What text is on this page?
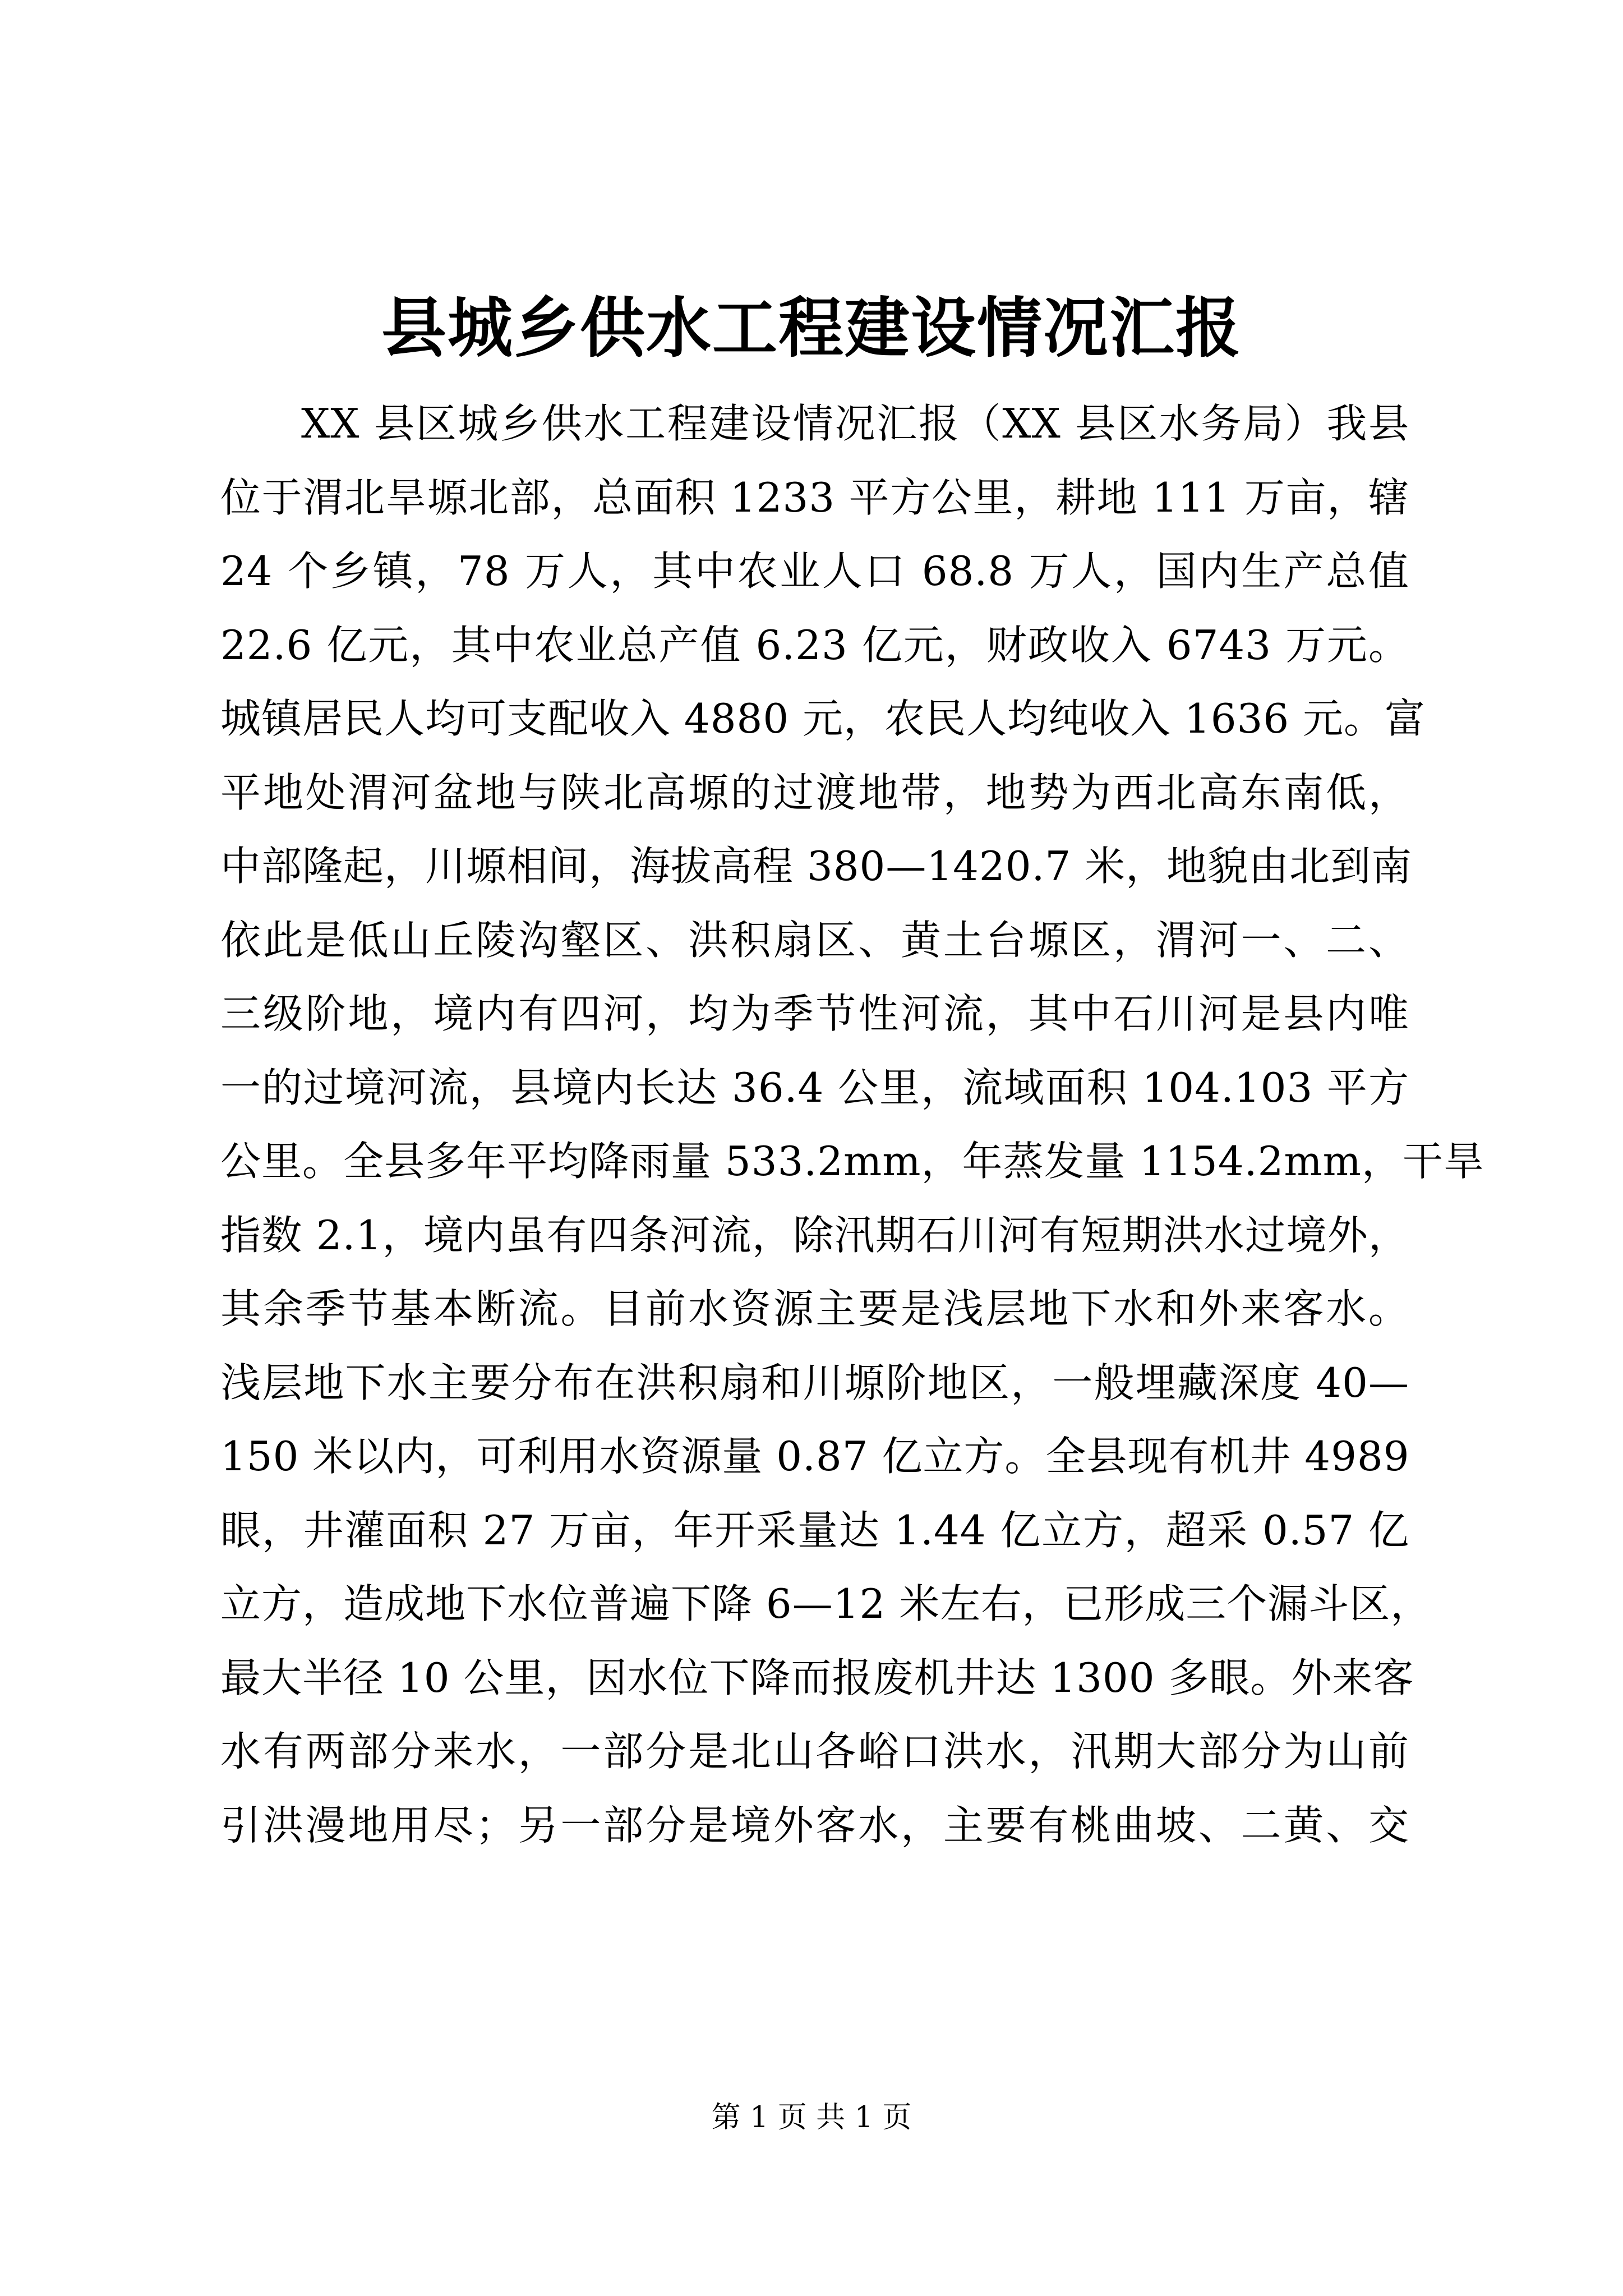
县城乡供水工程建设情况汇报
XX 县区城乡供水工程建设情况汇报（XX 县区水务局）我县
位于渭北旱塬北部，总面积 1233 平方公里，耕地 111 万亩，辖
24 个乡镇，78 万人，其中农业人口 68.8 万人，国内生产总值
22.6 亿元，其中农业总产值 6.23 亿元，财政收入 6743 万元。
城镇居民人均可支配收入 4880 元，农民人均纯收入 1636 元。富
平地处渭河盆地与陕北高塬的过渡地带，地势为西北高东南低，
中部隆起，川塬相间，海拔高程 380—1420.7 米，地貌由北到南
依此是低山丘陵沟壑区、洪积扇区、黄土台塬区，渭河一、二、
三级阶地，境内有四河，均为季节性河流，其中石川河是县内唯
一的过境河流，县境内长达 36.4 公里，流域面积 104.103 平方
公里。全县多年平均降雨量 533.2mm，年蒸发量 1154.2mm，干旱
指数 2.1，境内虽有四条河流，除汛期石川河有短期洪水过境外，
其余季节基本断流。目前水资源主要是浅层地下水和外来客水。
浅层地下水主要分布在洪积扇和川塬阶地区，一般埋藏深度 40—
150 米以内，可利用水资源量 0.87 亿立方。全县现有机井 4989
眼，井灌面积 27 万亩，年开采量达 1.44 亿立方，超采 0.57 亿
立方，造成地下水位普遍下降 6—12 米左右，已形成三个漏斗区，
最大半径 10 公里，因水位下降而报废机井达 1300 多眼。外来客
水有两部分来水，一部分是北山各峪口洪水，汛期大部分为山前
引洪漫地用尽；另一部分是境外客水，主要有桃曲坡、二黄、交
第 1 页 共 1 页
